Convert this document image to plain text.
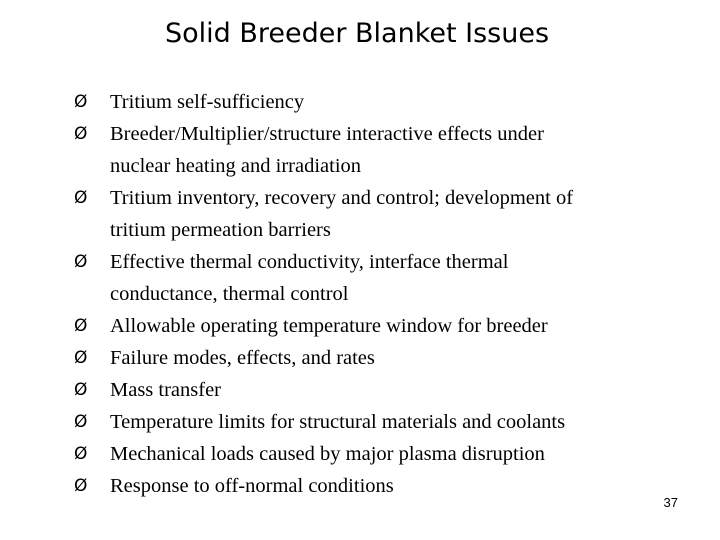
Solid Breeder Blanket Issues
Ø	Tritium self-sufficiency
Ø	Breeder/Multiplier/structure interactive effects under
nuclear heating and irradiation
Ø	Tritium inventory, recovery and control; development of
tritium permeation barriers
Ø	Effective thermal conductivity, interface thermal
conductance, thermal control
Ø	Allowable operating temperature window for breeder
Ø	Failure modes, effects, and rates
Ø	Mass transfer
Ø	Temperature limits for structural materials and coolants
Ø	Mechanical loads caused by major plasma disruption
Ø	Response to off-normal conditions
37
